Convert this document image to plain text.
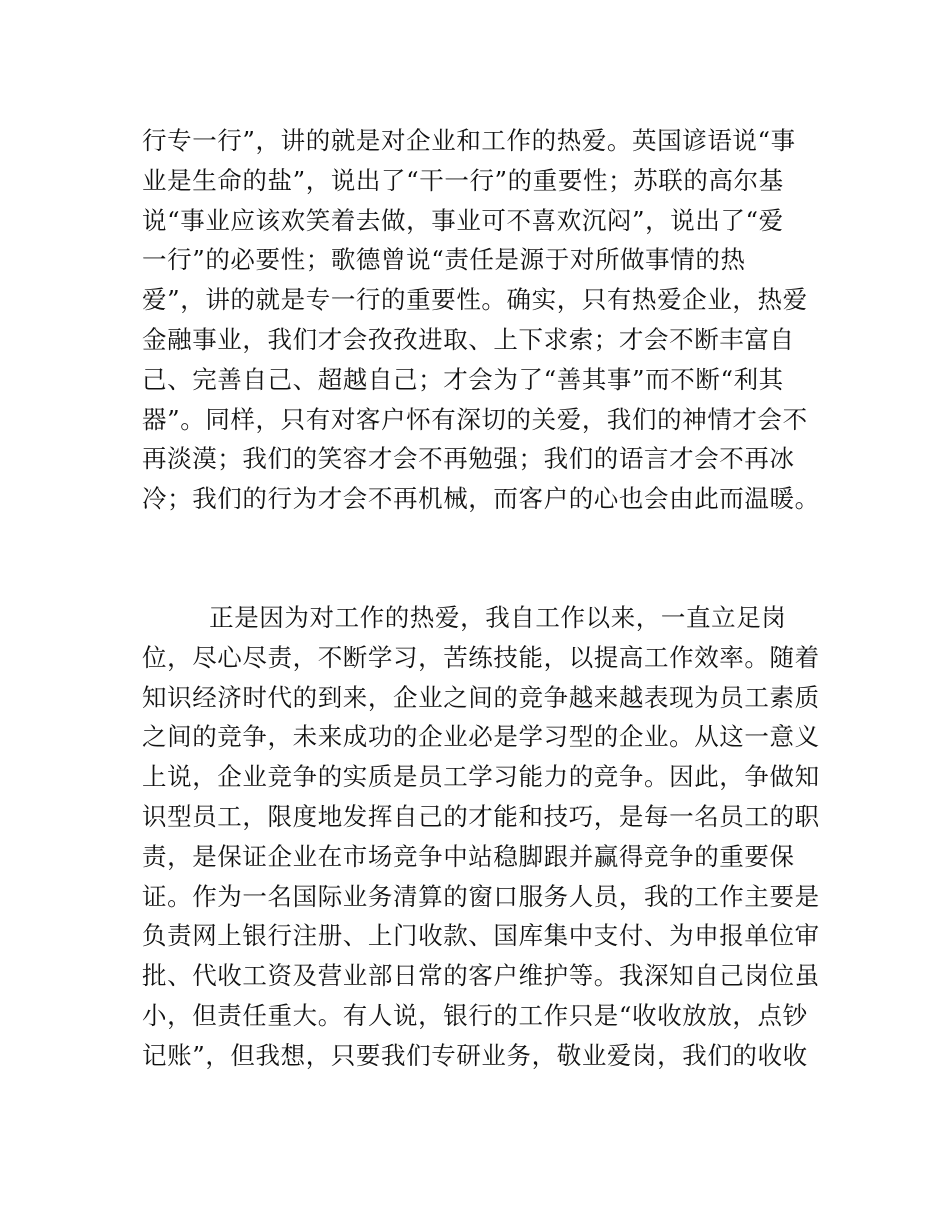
行专一行”，讲的就是对企业和工作的热爱。英国谚语说“事
业是生命的盐”，说出了“干一行”的重要性；苏联的高尔基
说“事业应该欢笑着去做，事业可不喜欢沉闷”，说出了“爱
一行”的必要性；歌德曾说“责任是源于对所做事情的热
爱”，讲的就是专一行的重要性。确实，只有热爱企业，热爱
金融事业，我们才会孜孜进取、上下求索；才会不断丰富自
己、完善自己、超越自己；才会为了“善其事”而不断“利其
器”。同样，只有对客户怀有深切的关爱，我们的神情才会不
再淡漠；我们的笑容才会不再勉强；我们的语言才会不再冰
冷；我们的行为才会不再机械，而客户的心也会由此而温暖。
正是因为对工作的热爱，我自工作以来，一直立足岗
位，尽心尽责，不断学习，苦练技能，以提高工作效率。随着
知识经济时代的到来，企业之间的竞争越来越表现为员工素质
之间的竞争，未来成功的企业必是学习型的企业。从这一意义
上说，企业竞争的实质是员工学习能力的竞争。因此，争做知
识型员工，限度地发挥自己的才能和技巧，是每一名员工的职
责，是保证企业在市场竞争中站稳脚跟并赢得竞争的重要保
证。作为一名国际业务清算的窗口服务人员，我的工作主要是
负责网上银行注册、上门收款、国库集中支付、为申报单位审
批、代收工资及营业部日常的客户维护等。我深知自己岗位虽
小，但责任重大。有人说，银行的工作只是“收收放放，点钞
记账”，但我想，只要我们专研业务，敬业爱岗，我们的收收
